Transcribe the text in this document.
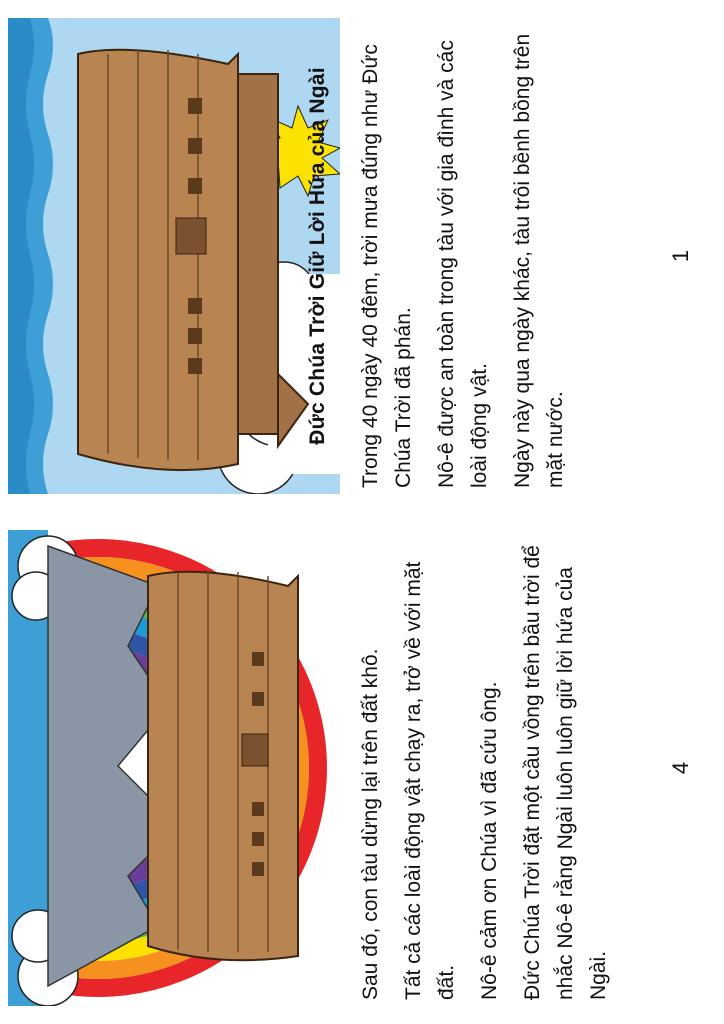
Đức Chúa Trời Giữ Lời Hứa của Ngài Trong 40 ngày 40 đêm, trời mưa đúng như Đức Chúa Trời đã phán. Nô-ê được an toàn trong tàu với gia đình và các loài động vật. Ngày này qua ngày khác, tàu trôi bềnh bồng trên mặt nước.

1

Sau đó, con tàu dừng lại trên đất khô. Tất cả các loài động vật chạy ra, trở về với mặt đất. Nô-ê cảm ơn Chúa vì đã cứu ông. Đức Chúa Trời đặt một cầu vồng trên bầu trời để nhắc Nô-ê rằng Ngài luôn luôn giữ lời hứa của Ngài.

4
